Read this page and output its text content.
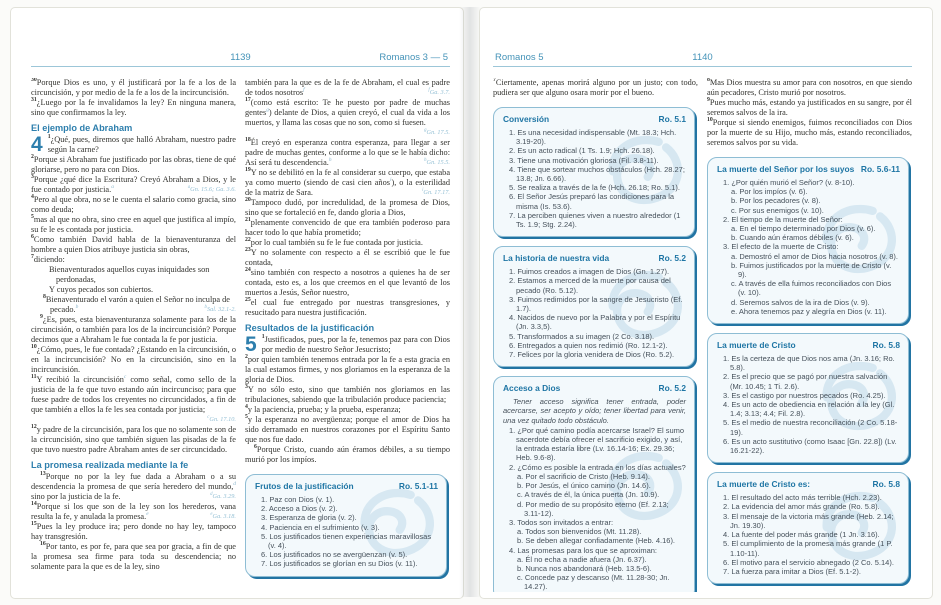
1139	Romanos 3 — 5

$^{30}$Porque Dios es uno, y él justificará por la fe a los de la circuncisión, y por medio de la fe a los de la incircuncisión.

$^{31}$¿Luego por la fe invalidamos la ley? En ninguna manera, sino que confirmamos la ley.

El ejemplo de Abraham
4 $^1$¿Qué, pues, diremos que halló Abraham, nuestro padre según la carne?

$^2$Porque si Abraham fue justificado por las obras, tiene de qué gloriarse, pero no para con Dios.

$^3$Porque ¿qué dice la Escritura? Creyó Abraham a Dios, y le fue contado por justicia.$^a$	$^a$Gn. 15.6; Ga. 3.6.

$^4$Pero al que obra, no se le cuenta el salario como gracia, sino como deuda;

$^5$mas al que no obra, sino cree en aquel que justifica al impío, su fe le es contada por justicia.

$^6$Como también David habla de la bienaventuranza del hombre a quien Dios atribuye justicia sin obras,

$^7$diciendo:

Bienaventurados aquellos cuyas iniquidades son perdonadas,
Y cuyos pecados son cubiertos.
$^8$Bienaventurado el varón a quien el Señor no inculpa de pecado.$^b$	$^b$Sal. 32.1-2.

$^9$¿Es, pues, esta bienaventuranza solamente para los de la circuncisión, o también para los de la incircuncisión? Porque decimos que a Abraham le fue contada la fe por justicia.

$^{10}$¿Cómo, pues, le fue contada? ¿Estando en la circuncisión, o en la incircuncisión? No en la circuncisión, sino en la incircuncisión.

$^{11}$Y recibió la circuncisión$^c$ como señal, como sello de la justicia de la fe que tuvo estando aún incircunciso; para que fuese padre de todos los creyentes no circuncidados, a fin de que también a ellos la fe les sea contada por justicia;
$^c$Gn. 17.10.

$^{12}$y padre de la circuncisión, para los que no solamente son de la circuncisión, sino que también siguen las pisadas de la fe que tuvo nuestro padre Abraham antes de ser circuncidado.

La promesa realizada mediante la fe

$^{13}$Porque no por la ley fue dada a Abraham o a su descendencia la promesa de que sería heredero del mundo,$^d$ sino por la justicia de la fe.	$^d$Ga. 3.29.

$^{14}$Porque si los que son de la ley son los herederos, vana resulta la fe, y anulada la promesa.$^e$	$^e$Ga. 3.18.

$^{15}$Pues la ley produce ira; pero donde no hay ley, tampoco hay transgresión.

$^{16}$Por tanto, es por fe, para que sea por gracia, a fin de que la promesa sea firme para toda su descendencia; no solamente para la que es de la ley, sino

también para la que es de la fe de Abraham, el cual es padre de todos nosotros$^f$	$^f$Ga. 3.7.

$^{17}$(como está escrito: Te he puesto por padre de muchas gentes$^g$) delante de Dios, a quien creyó, el cual da vida a los muertos, y llama las cosas que no son, como si fuesen.
$^g$Gn. 17.5.

$^{18}$Él creyó en esperanza contra esperanza, para llegar a ser padre de muchas gentes, conforme a lo que se le había dicho: Así será tu descendencia.$^h$	$^h$Gn. 15.5.

$^{19}$Y no se debilitó en la fe al considerar su cuerpo, que estaba ya como muerto (siendo de casi cien años$^i$), o la esterilidad de la matriz de Sara.	$^i$Gn. 17.17.

$^{20}$Tampoco dudó, por incredulidad, de la promesa de Dios, sino que se fortaleció en fe, dando gloria a Dios,

$^{21}$plenamente convencido de que era también poderoso para hacer todo lo que había prometido;

$^{22}$por lo cual también su fe le fue contada por justicia.

$^{23}$Y no solamente con respecto a él se escribió que le fue contada,

$^{24}$sino también con respecto a nosotros a quienes ha de ser contada, esto es, a los que creemos en el que levantó de los muertos a Jesús, Señor nuestro,

$^{25}$el cual fue entregado por nuestras transgresiones, y resucitado para nuestra justificación.

Resultados de la justificación
5 $^1$Justificados, pues, por la fe, tenemos paz para con Dios por medio de nuestro Señor Jesucristo;

$^2$por quien también tenemos entrada por la fe a esta gracia en la cual estamos firmes, y nos gloriamos en la esperanza de la gloria de Dios.

$^3$Y no sólo esto, sino que también nos gloriamos en las tribulaciones, sabiendo que la tribulación produce paciencia;

$^4$y la paciencia, prueba; y la prueba, esperanza;

$^5$y la esperanza no avergüenza; porque el amor de Dios ha sido derramado en nuestros corazones por el Espíritu Santo que nos fue dado.

$^6$Porque Cristo, cuando aún éramos débiles, a su tiempo murió por los impíos.

Frutos de la justificación	Ro. 5.1-11
1. Paz con Dios (v. 1).
2. Acceso a Dios (v. 2).
3. Esperanza de gloria (v. 2).
4. Paciencia en el sufrimiento (v. 3).
5. Los justificados tienen experiencias maravillosas (v. 4).
6. Los justificados no se avergüenzan (v. 5).
7. Los justificados se glorían en su Dios (v. 11).
Romanos 5	1140

$^7$Ciertamente, apenas morirá alguno por un justo; con todo, pudiera ser que alguno osara morir por el bueno.

Conversión	Ro. 5.1
1. Es una necesidad indispensable (Mt. 18.3; Hch. 3.19-20).
2. Es un acto radical (1 Ts. 1.9; Hch. 26.18).
3. Tiene una motivación gloriosa (Fil. 3.8-11).
4. Tiene que sortear muchos obstáculos (Hch. 28.27; 13.8; Jn. 6.66).
5. Se realiza a través de la fe (Hch. 26.18; Ro. 5.1).
6. El Señor Jesús preparó las condiciones para la misma (Is. 53.6).
7. La perciben quienes viven a nuestro alrededor (1 Ts. 1.9; Stg. 2.24).
La historia de nuestra vida	Ro. 5.2
1. Fuimos creados a imagen de Dios (Gn. 1.27).
2. Estamos a merced de la muerte por causa del pecado (Ro. 5.12).
3. Fuimos redimidos por la sangre de Jesucristo (Ef. 1.7).
4. Nacidos de nuevo por la Palabra y por el Espíritu (Jn. 3.3,5).
5. Transformados a su imagen (2 Co. 3.18).
6. Entregados a quien nos redimió (Ro. 12.1-2).
7. Felices por la gloria venidera de Dios (Ro. 5.2).
Acceso a Dios	Ro. 5.2
Tener acceso significa tener entrada, poder acercarse, ser acepto y oído; tener libertad para venir, una vez quitado todo obstáculo.
1. ¿Por qué camino podía acercarse Israel? El sumo sacerdote debía ofrecer el sacrificio exigido, y así, la entrada estaría libre (Lv. 16.14-16; Ex. 29.36; Heb. 9.6-8).
2. ¿Cómo es posible la entrada en los días actuales?
a. Por el sacrificio de Cristo (Heb. 9.14).
b. Por Jesús, el único camino (Jn. 14.6).
c. A través de él, la única puerta (Jn. 10.9).
d. Por medio de su propósito eterno (Ef. 2.13; 3.11-12).
3. Todos son invitados a entrar:
a. Todos son bienvenidos (Mt. 11.28).
b. Se deben allegar confiadamente (Heb. 4.16).
4. Las promesas para los que se aproximan:
a. Él no echa a nadie afuera (Jn. 6.37).
b. Nunca nos abandonará (Heb. 13.5-6).
c. Concede paz y descanso (Mt. 11.28-30; Jn. 14.27).

$^8$Mas Dios muestra su amor para con nosotros, en que siendo aún pecadores, Cristo murió por nosotros.

$^9$Pues mucho más, estando ya justificados en su sangre, por él seremos salvos de la ira.

$^{10}$Porque si siendo enemigos, fuimos reconciliados con Dios por la muerte de su Hijo, mucho más, estando reconciliados, seremos salvos por su vida.

La muerte del Señor por los suyos Ro. 5.6-11
1. ¿Por quién murió el Señor? (v. 8-10).
a. Por los impíos (v. 6).
b. Por los pecadores (v. 8).
c. Por sus enemigos (v. 10).
2. El tiempo de la muerte del Señor:
a. En el tiempo determinado por Dios (v. 6).
b. Cuando aún éramos débiles (v. 6).
3. El efecto de la muerte de Cristo:
a. Demostró el amor de Dios hacia nosotros (v. 8).
b. Fuimos justificados por la muerte de Cristo (v. 9).
c. A través de ella fuimos reconciliados con Dios (v. 10).
d. Seremos salvos de la ira de Dios (v. 9).
e. Ahora tenemos paz y alegría en Dios (v. 11).
La muerte de Cristo	Ro. 5.8
1. Es la certeza de que Dios nos ama (Jn. 3.16; Ro. 5.8).
2. Es el precio que se pagó por nuestra salvación (Mr. 10.45; 1 Ti. 2.6).
3. Es el castigo por nuestros pecados (Ro. 4.25).
4. Es un acto de obediencia en relación a la ley (Gl. 1.4; 3.13; 4.4; Fil. 2.8).
5. Es el medio de nuestra reconciliación (2 Co. 5.18-19).
6. Es un acto sustitutivo (como Isaac [Gn. 22.8]) (Lv. 16.21-22).
La muerte de Cristo es:	Ro. 5.8
1. El resultado del acto más terrible (Hch. 2.23).
2. La evidencia del amor más grande (Ro. 5.8).
3. El mensaje de la victoria más grande (Heb. 2.14; Jn. 19.30).
4. La fuente del poder más grande (1 Jn. 3.16).
5. El cumplimiento de la promesa más grande (1 P. 1.10-11).
6. El motivo para el servicio abnegado (2 Co. 5.14).
7. La fuerza para imitar a Dios (Ef. 5.1-2).
